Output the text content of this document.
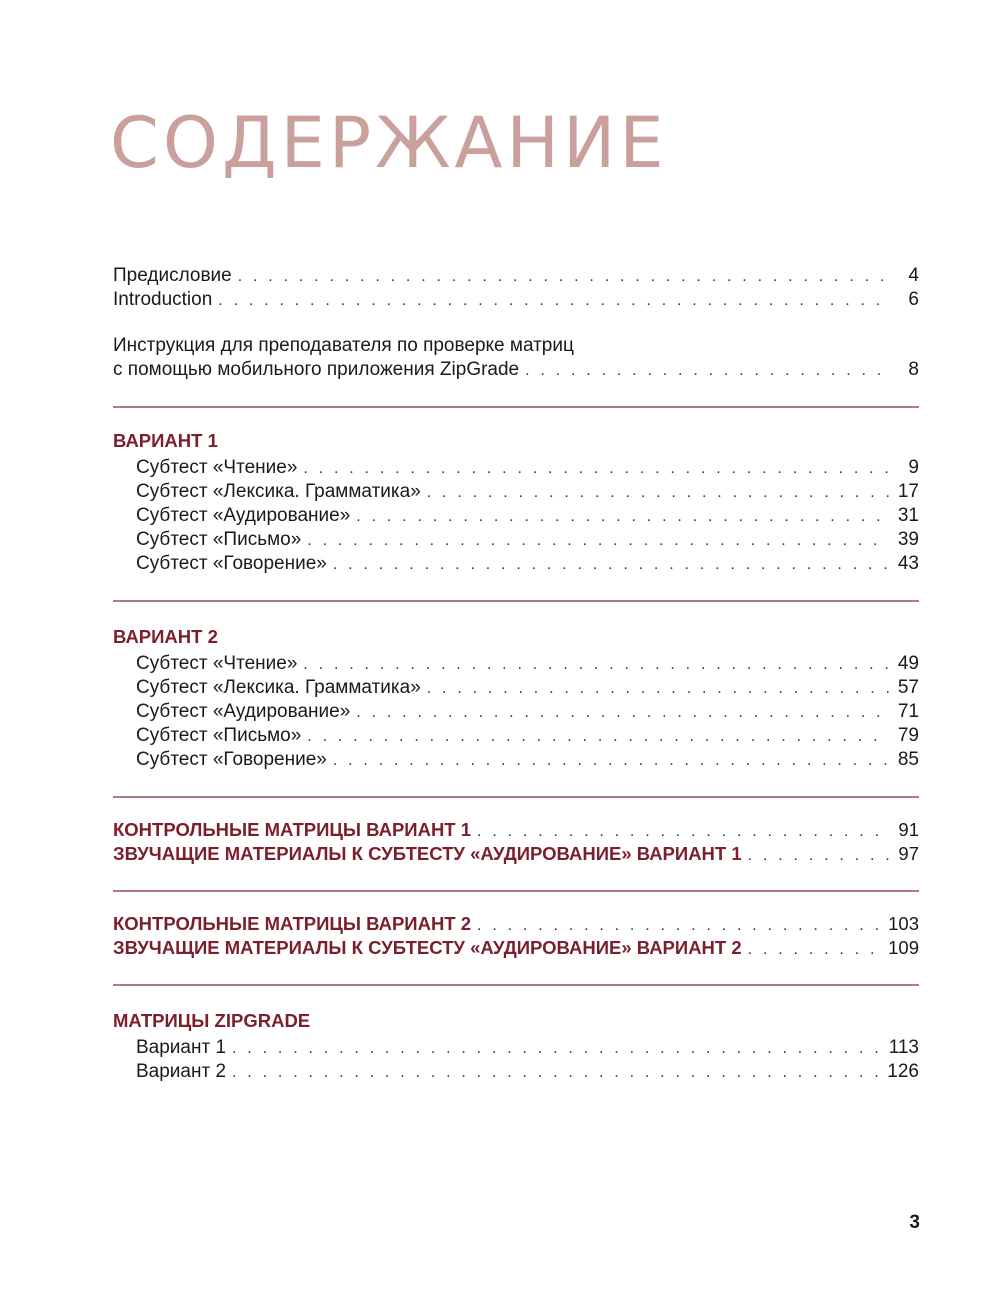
СОДЕРЖАНИЕ
Предисловие . . .	4
Introduction . . .	6
Инструкция для преподавателя по проверке матриц
с помощью мобильного приложения ZipGrade . . .	8
ВАРИАНТ 1
Субтест «Чтение» . . .	9
Субтест «Лексика. Грамматика» . . .	17
Субтест «Аудирование» . . .	31
Субтест «Письмо» . . .	39
Субтест «Говорение» . . .	43
ВАРИАНТ 2
Субтест «Чтение» . . .	49
Субтест «Лексика. Грамматика» . . .	57
Субтест «Аудирование» . . .	71
Субтест «Письмо» . . .	79
Субтест «Говорение» . . .	85
КОНТРОЛЬНЫЕ МАТРИЦЫ ВАРИАНТ 1 . . .	91
ЗВУЧАЩИЕ МАТЕРИАЛЫ К СУБТЕСТУ «АУДИРОВАНИЕ» ВАРИАНТ 1 . . .	97
КОНТРОЛЬНЫЕ МАТРИЦЫ ВАРИАНТ 2 . . .	103
ЗВУЧАЩИЕ МАТЕРИАЛЫ К СУБТЕСТУ «АУДИРОВАНИЕ» ВАРИАНТ 2 . . .	109
МАТРИЦЫ ZIPGRADE
Вариант 1 . . .	113
Вариант 2 . . .	126
3
